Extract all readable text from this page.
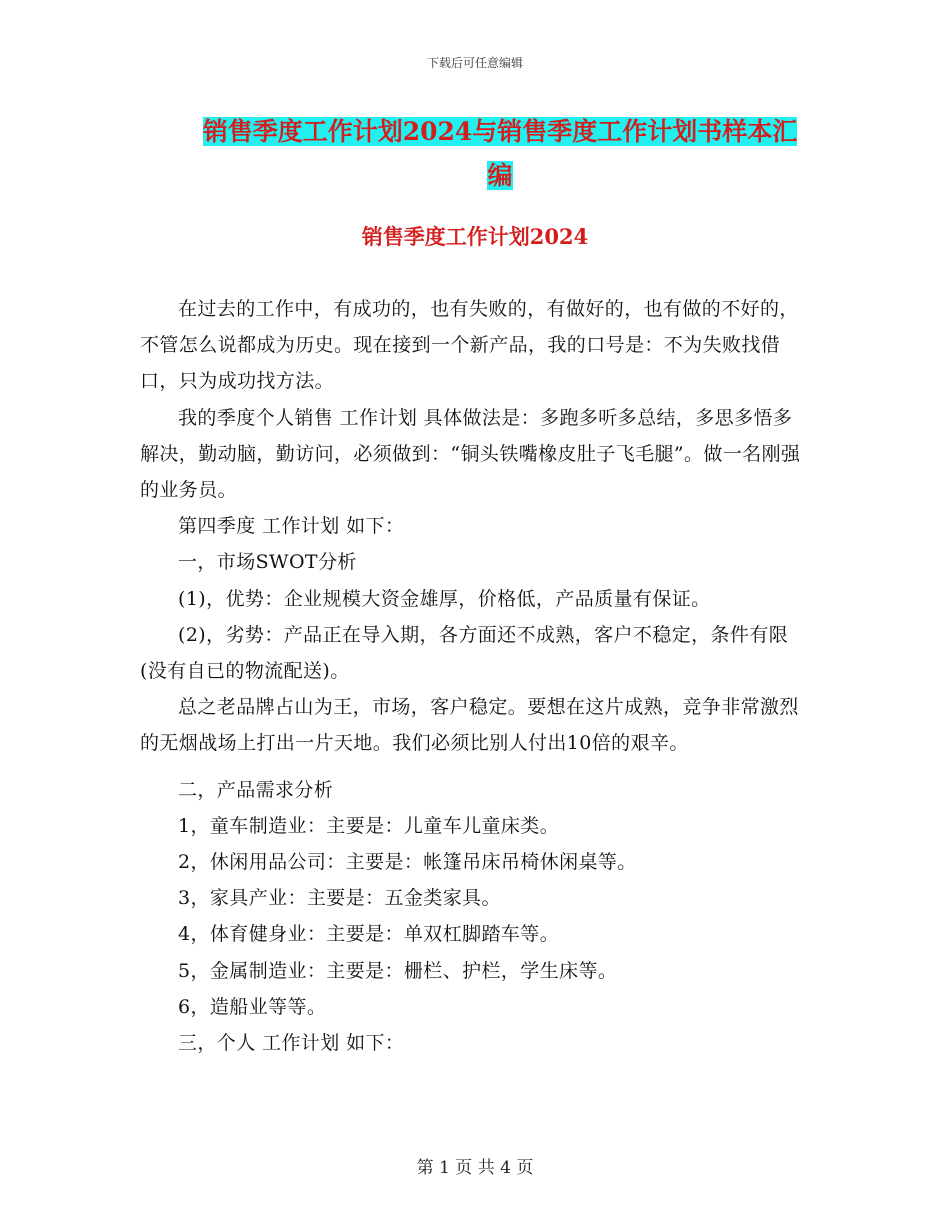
下载后可任意编辑
销售季度工作计划2024与销售季度工作计划书样本汇
编
销售季度工作计划2024

在过去的工作中，有成功的，也有失败的，有做好的，也有做的不好的，不管怎么说都成为历史。现在接到一个新产品，我的口号是：不为失败找借口，只为成功找方法。

我的季度个人销售 工作计划 具体做法是：多跑多听多总结，多思多悟多解决，勤动脑，勤访问，必须做到：“铜头铁嘴橡皮肚子飞毛腿”。做一名刚强的业务员。

第四季度 工作计划 如下：

一，市场SWOT分析

(1)，优势：企业规模大资金雄厚，价格低，产品质量有保证。

(2)，劣势：产品正在导入期，各方面还不成熟，客户不稳定，条件有限(没有自已的物流配送)。

总之老品牌占山为王，市场，客户稳定。要想在这片成熟，竞争非常激烈的无烟战场上打出一片天地。我们必须比别人付出10倍的艰辛。

二，产品需求分析

1，童车制造业：主要是：儿童车儿童床类。

2，休闲用品公司：主要是：帐篷吊床吊椅休闲桌等。

3，家具产业：主要是：五金类家具。

4，体育健身业：主要是：单双杠脚踏车等。

5，金属制造业：主要是：栅栏、护栏，学生床等。

6，造船业等等。

三，个人 工作计划 如下：

第 1 页 共 4 页
